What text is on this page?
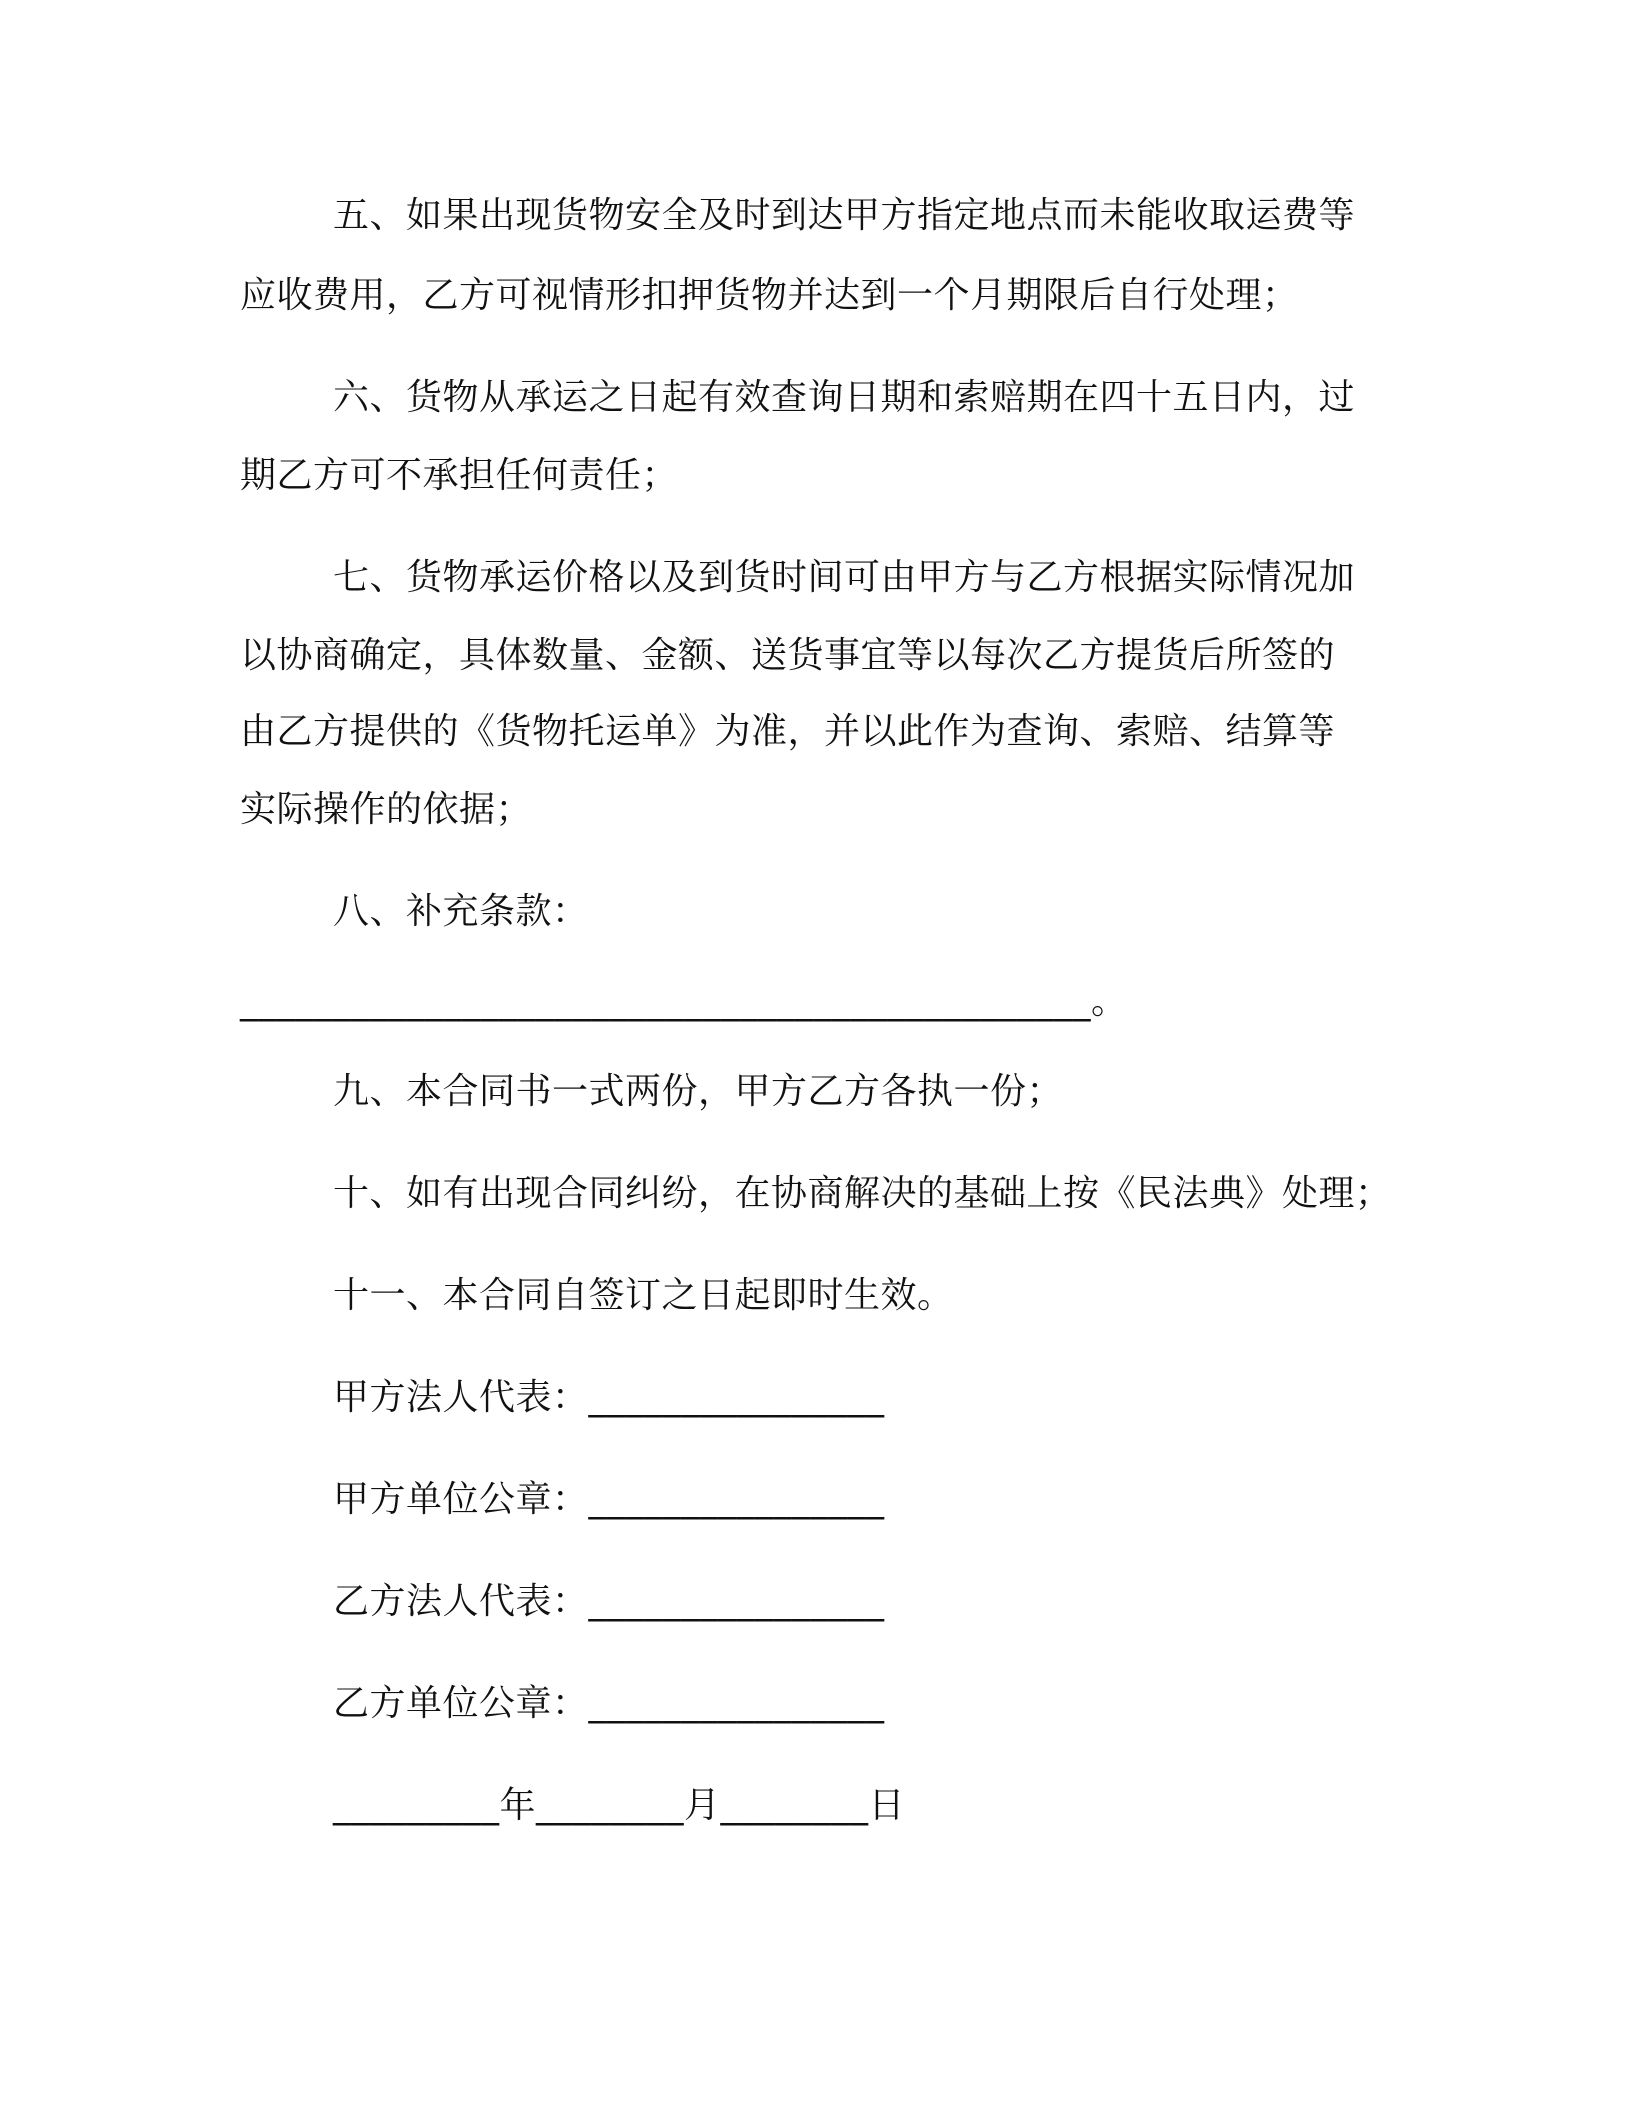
五、如果出现货物安全及时到达甲方指定地点而未能收取运费等
应收费用，乙方可视情形扣押货物并达到一个月期限后自行处理；
六、货物从承运之日起有效查询日期和索赔期在四十五日内，过
期乙方可不承担任何责任；
七、货物承运价格以及到货时间可由甲方与乙方根据实际情况加
以协商确定，具体数量、金额、送货事宜等以每次乙方提货后所签的
由乙方提供的《货物托运单》为准，并以此作为查询、索赔、结算等
实际操作的依据；
八、补充条款：
______________________________________________。
九、本合同书一式两份，甲方乙方各执一份；
十、如有出现合同纠纷，在协商解决的基础上按《民法典》处理；
十一、本合同自签订之日起即时生效。
甲方法人代表：________________
甲方单位公章：________________
乙方法人代表：________________
乙方单位公章：________________
_________年________月________日
